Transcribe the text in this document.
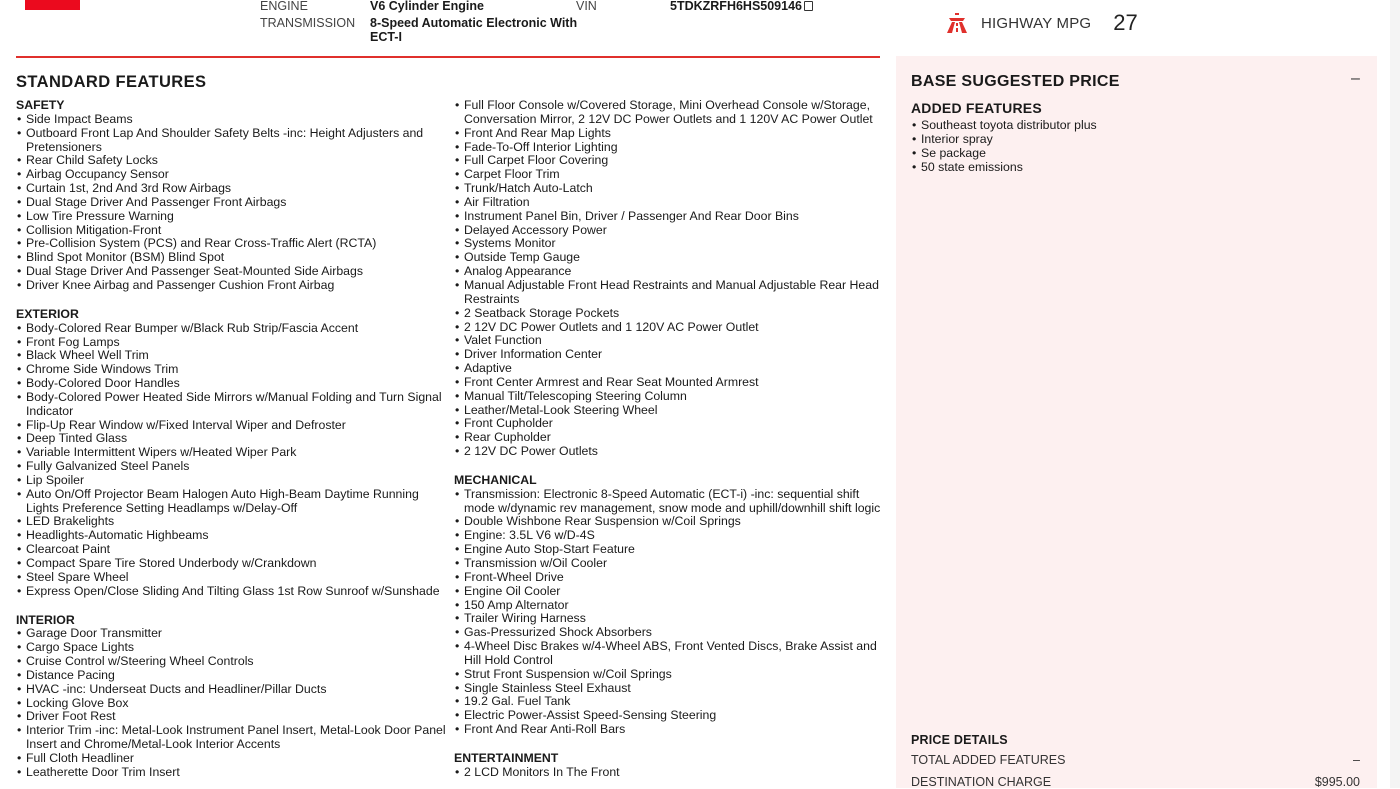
ENGINE	V6 Cylinder Engine
TRANSMISSION 8-Speed Automatic Electronic With
ECT-I
VIN	5TDKZRFH6HS509146
HIGHWAY MPG 27
STANDARD FEATURES
SAFETY
• Side Impact Beams
• Outboard Front Lap And Shoulder Safety Belts -inc: Height Adjusters and Pretensioners
• Rear Child Safety Locks
• Airbag Occupancy Sensor
• Curtain 1st, 2nd And 3rd Row Airbags
• Dual Stage Driver And Passenger Front Airbags
• Low Tire Pressure Warning
• Collision Mitigation-Front
• Pre-Collision System (PCS) and Rear Cross-Traffic Alert (RCTA)
• Blind Spot Monitor (BSM) Blind Spot
• Dual Stage Driver And Passenger Seat-Mounted Side Airbags
• Driver Knee Airbag and Passenger Cushion Front Airbag
EXTERIOR
• Body-Colored Rear Bumper w/Black Rub Strip/Fascia Accent
• Front Fog Lamps
• Black Wheel Well Trim
• Chrome Side Windows Trim
• Body-Colored Door Handles
• Body-Colored Power Heated Side Mirrors w/Manual Folding and Turn Signal Indicator
• Flip-Up Rear Window w/Fixed Interval Wiper and Defroster
• Deep Tinted Glass
• Variable Intermittent Wipers w/Heated Wiper Park
• Fully Galvanized Steel Panels
• Lip Spoiler
• Auto On/Off Projector Beam Halogen Auto High-Beam Daytime Running Lights Preference Setting Headlamps w/Delay-Off
• LED Brakelights
• Headlights-Automatic Highbeams
• Clearcoat Paint
• Compact Spare Tire Stored Underbody w/Crankdown
• Steel Spare Wheel
• Express Open/Close Sliding And Tilting Glass 1st Row Sunroof w/Sunshade
INTERIOR
• Garage Door Transmitter
• Cargo Space Lights
• Cruise Control w/Steering Wheel Controls
• Distance Pacing
• HVAC -inc: Underseat Ducts and Headliner/Pillar Ducts
• Locking Glove Box
• Driver Foot Rest
• Interior Trim -inc: Metal-Look Instrument Panel Insert, Metal-Look Door Panel Insert and Chrome/Metal-Look Interior Accents
• Full Cloth Headliner
• Leatherette Door Trim Insert
• Full Floor Console w/Covered Storage, Mini Overhead Console w/Storage, Conversation Mirror, 2 12V DC Power Outlets and 1 120V AC Power Outlet
• Front And Rear Map Lights
• Fade-To-Off Interior Lighting
• Full Carpet Floor Covering
• Carpet Floor Trim
• Trunk/Hatch Auto-Latch
• Air Filtration
• Instrument Panel Bin, Driver / Passenger And Rear Door Bins
• Delayed Accessory Power
• Systems Monitor
• Outside Temp Gauge
• Analog Appearance
• Manual Adjustable Front Head Restraints and Manual Adjustable Rear Head Restraints
• 2 Seatback Storage Pockets
• 2 12V DC Power Outlets and 1 120V AC Power Outlet
• Valet Function
• Driver Information Center
• Adaptive
• Front Center Armrest and Rear Seat Mounted Armrest
• Manual Tilt/Telescoping Steering Column
• Leather/Metal-Look Steering Wheel
• Front Cupholder
• Rear Cupholder
• 2 12V DC Power Outlets
MECHANICAL
• Transmission: Electronic 8-Speed Automatic (ECT-i) -inc: sequential shift mode w/dynamic rev management, snow mode and uphill/downhill shift logic
• Double Wishbone Rear Suspension w/Coil Springs
• Engine: 3.5L V6 w/D-4S
• Engine Auto Stop-Start Feature
• Transmission w/Oil Cooler
• Front-Wheel Drive
• Engine Oil Cooler
• 150 Amp Alternator
• Trailer Wiring Harness
• Gas-Pressurized Shock Absorbers
• 4-Wheel Disc Brakes w/4-Wheel ABS, Front Vented Discs, Brake Assist and Hill Hold Control
• Strut Front Suspension w/Coil Springs
• Single Stainless Steel Exhaust
• 19.2 Gal. Fuel Tank
• Electric Power-Assist Speed-Sensing Steering
• Front And Rear Anti-Roll Bars
ENTERTAINMENT
• 2 LCD Monitors In The Front
BASE SUGGESTED PRICE	–
ADDED FEATURES
• Southeast toyota distributor plus
• Interior spray
• Se package
• 50 state emissions
PRICE DETAILS
TOTAL ADDED FEATURES	–
DESTINATION CHARGE	$995.00
